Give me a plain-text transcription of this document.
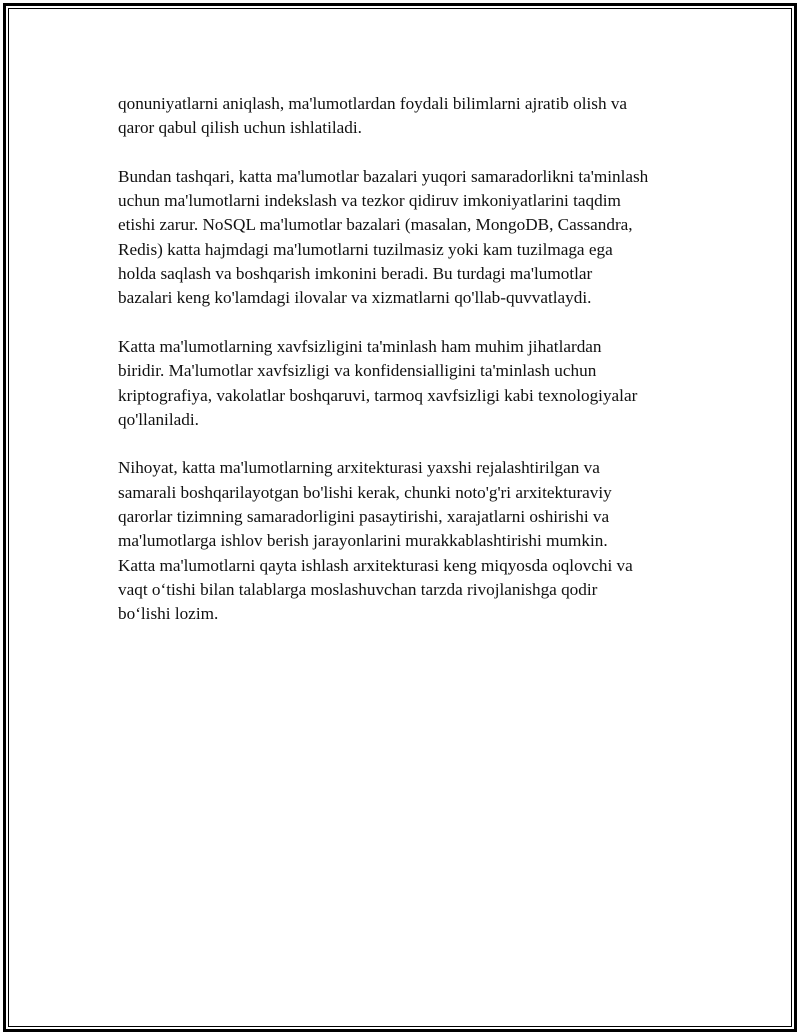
qonuniyatlarni aniqlash, ma'lumotlardan foydali bilimlarni ajratib olish va
qaror qabul qilish uchun ishlatiladi.

Bundan tashqari, katta ma'lumotlar bazalari yuqori samaradorlikni ta'minlash
uchun ma'lumotlarni indekslash va tezkor qidiruv imkoniyatlarini taqdim
etishi zarur. NoSQL ma'lumotlar bazalari (masalan, MongoDB, Cassandra,
Redis) katta hajmdagi ma'lumotlarni tuzilmasiz yoki kam tuzilmaga ega
holda saqlash va boshqarish imkonini beradi. Bu turdagi ma'lumotlar
bazalari keng ko'lamdagi ilovalar va xizmatlarni qo'llab-quvvatlaydi.

Katta ma'lumotlarning xavfsizligini ta'minlash ham muhim jihatlardan
biridir. Ma'lumotlar xavfsizligi va konfidensialligini ta'minlash uchun
kriptografiya, vakolatlar boshqaruvi, tarmoq xavfsizligi kabi texnologiyalar
qo'llaniladi.

Nihoyat, katta ma'lumotlarning arxitekturasi yaxshi rejalashtirilgan va
samarali boshqarilayotgan bo'lishi kerak, chunki noto'g'ri arxitekturaviy
qarorlar tizimning samaradorligini pasaytirishi, xarajatlarni oshirishi va
ma'lumotlarga ishlov berish jarayonlarini murakkablashtirishi mumkin.
Katta ma'lumotlarni qayta ishlash arxitekturasi keng miqyosda oqlovchi va
vaqt o‘tishi bilan talablarga moslashuvchan tarzda rivojlanishga qodir
bo‘lishi lozim.
